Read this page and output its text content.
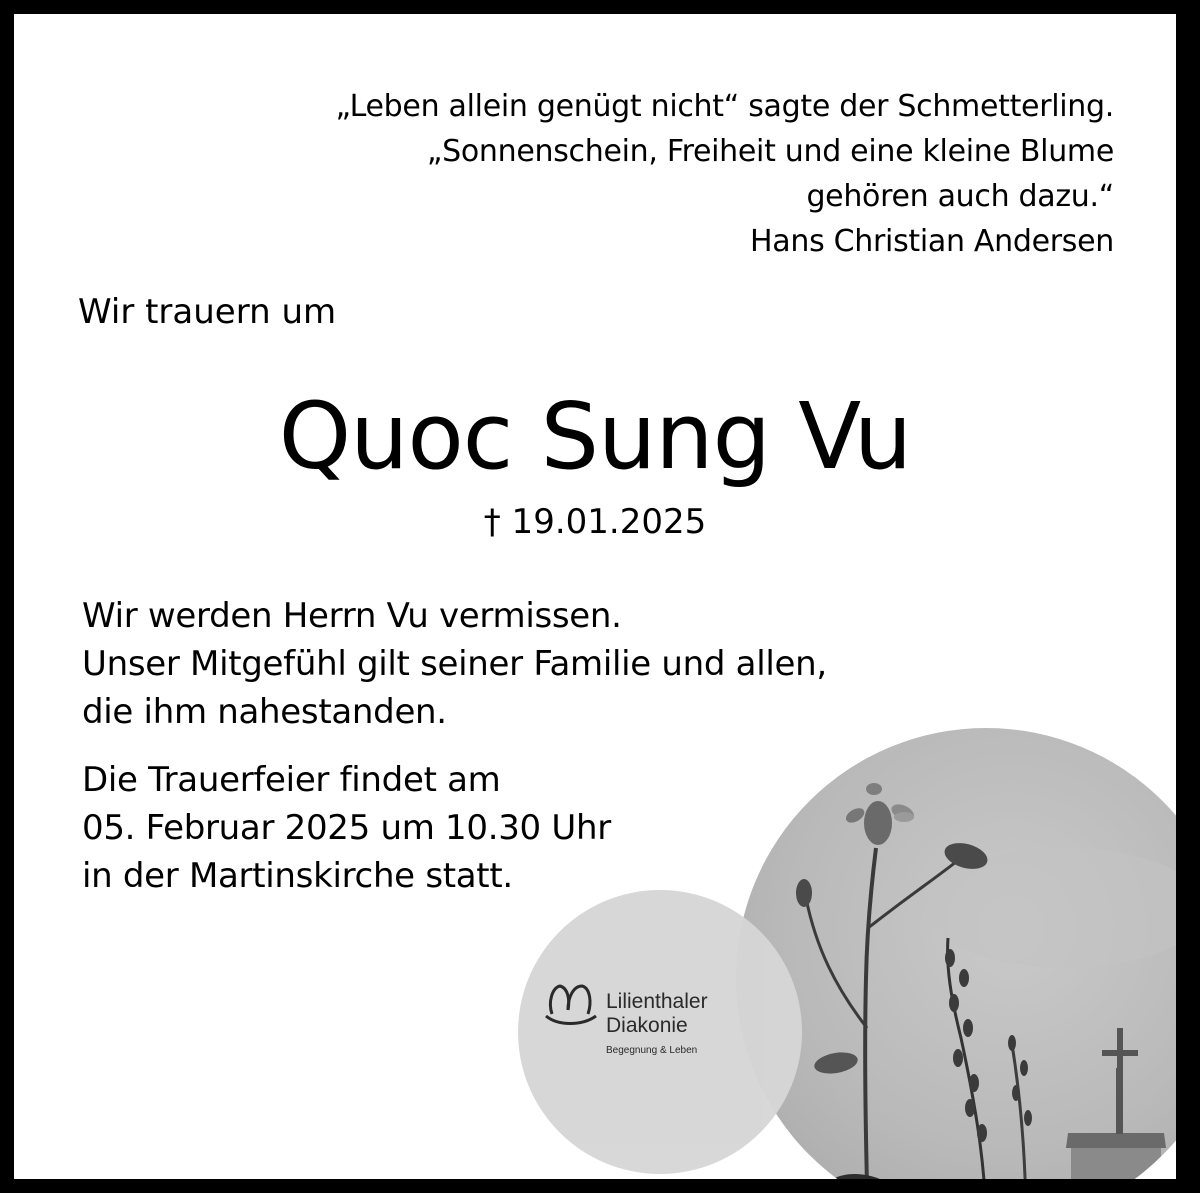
„Leben allein genügt nicht“ sagte der Schmetterling.
„Sonnenschein, Freiheit und eine kleine Blume
gehören auch dazu.“
Hans Christian Andersen
Wir trauern um
Quoc Sung Vu
† 19.01.2025
Wir werden Herrn Vu vermissen.
Unser Mitgefühl gilt seiner Familie und allen,
die ihm nahestanden.
Die Trauerfeier findet am
05. Februar 2025 um 10.30 Uhr
in der Martinskirche statt.
Lilienthaler
Diakonie
Begegnung & Leben
